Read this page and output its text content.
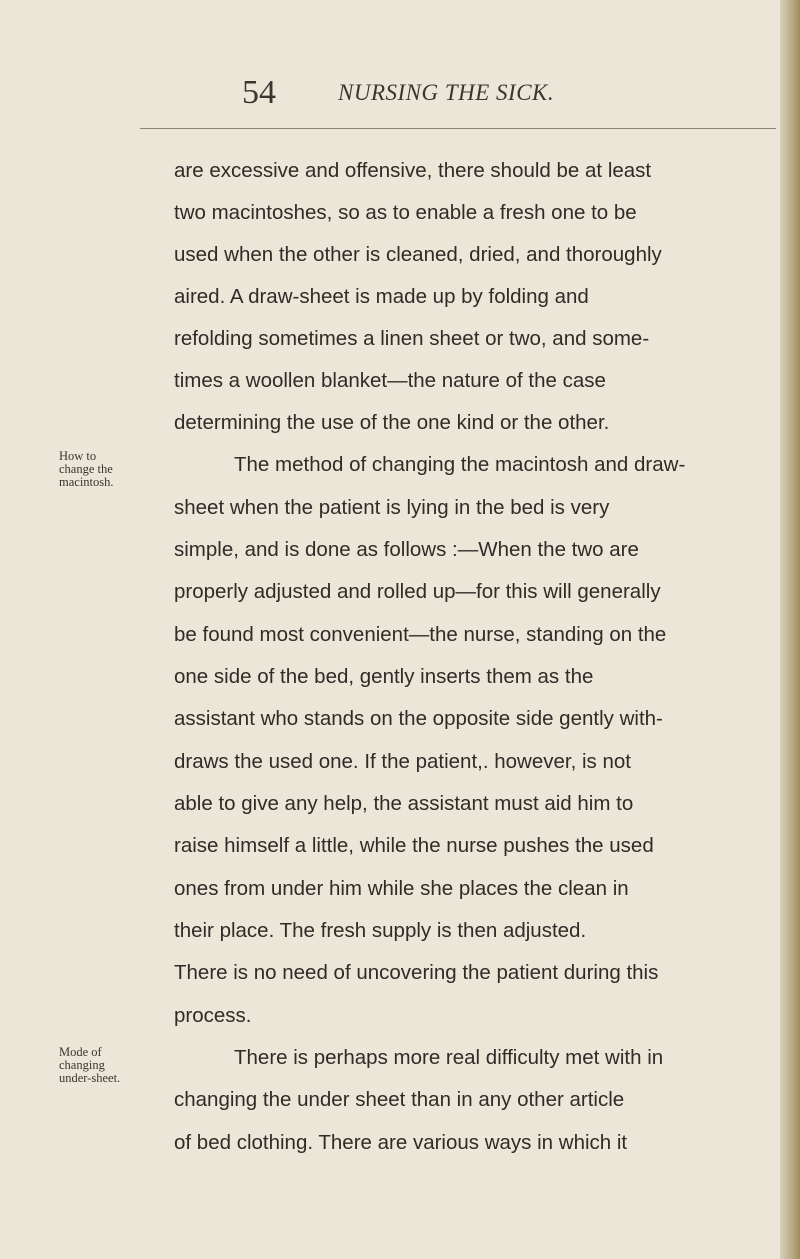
54	NURSING THE SICK.

are excessive and offensive, there should be at least

two macintoshes, so as to enable a fresh one to be

used when the other is cleaned, dried, and thoroughly

aired. A draw-sheet is made up by folding and

refolding sometimes a linen sheet or two, and some-

times a woollen blanket—the nature of the case

determining the use of the one kind or the other.

The method of changing the macintosh and draw-

sheet when the patient is lying in the bed is very

simple, and is done as follows :—When the two are

properly adjusted and rolled up—for this will generally

be found most convenient—the nurse, standing on the

one side of the bed, gently inserts them as the

assistant who stands on the opposite side gently with-

draws the used one. If the patient,. however, is not

able to give any help, the assistant must aid him to

raise himself a little, while the nurse pushes the used

ones from under him while she places the clean in

their place. The fresh supply is then adjusted.

There is no need of uncovering the patient during this

process.

There is perhaps more real difficulty met with in

changing the under sheet than in any other article

of bed clothing. There are various ways in which it

How to
change the
macintosh.
Mode of
changing
under-sheet.
